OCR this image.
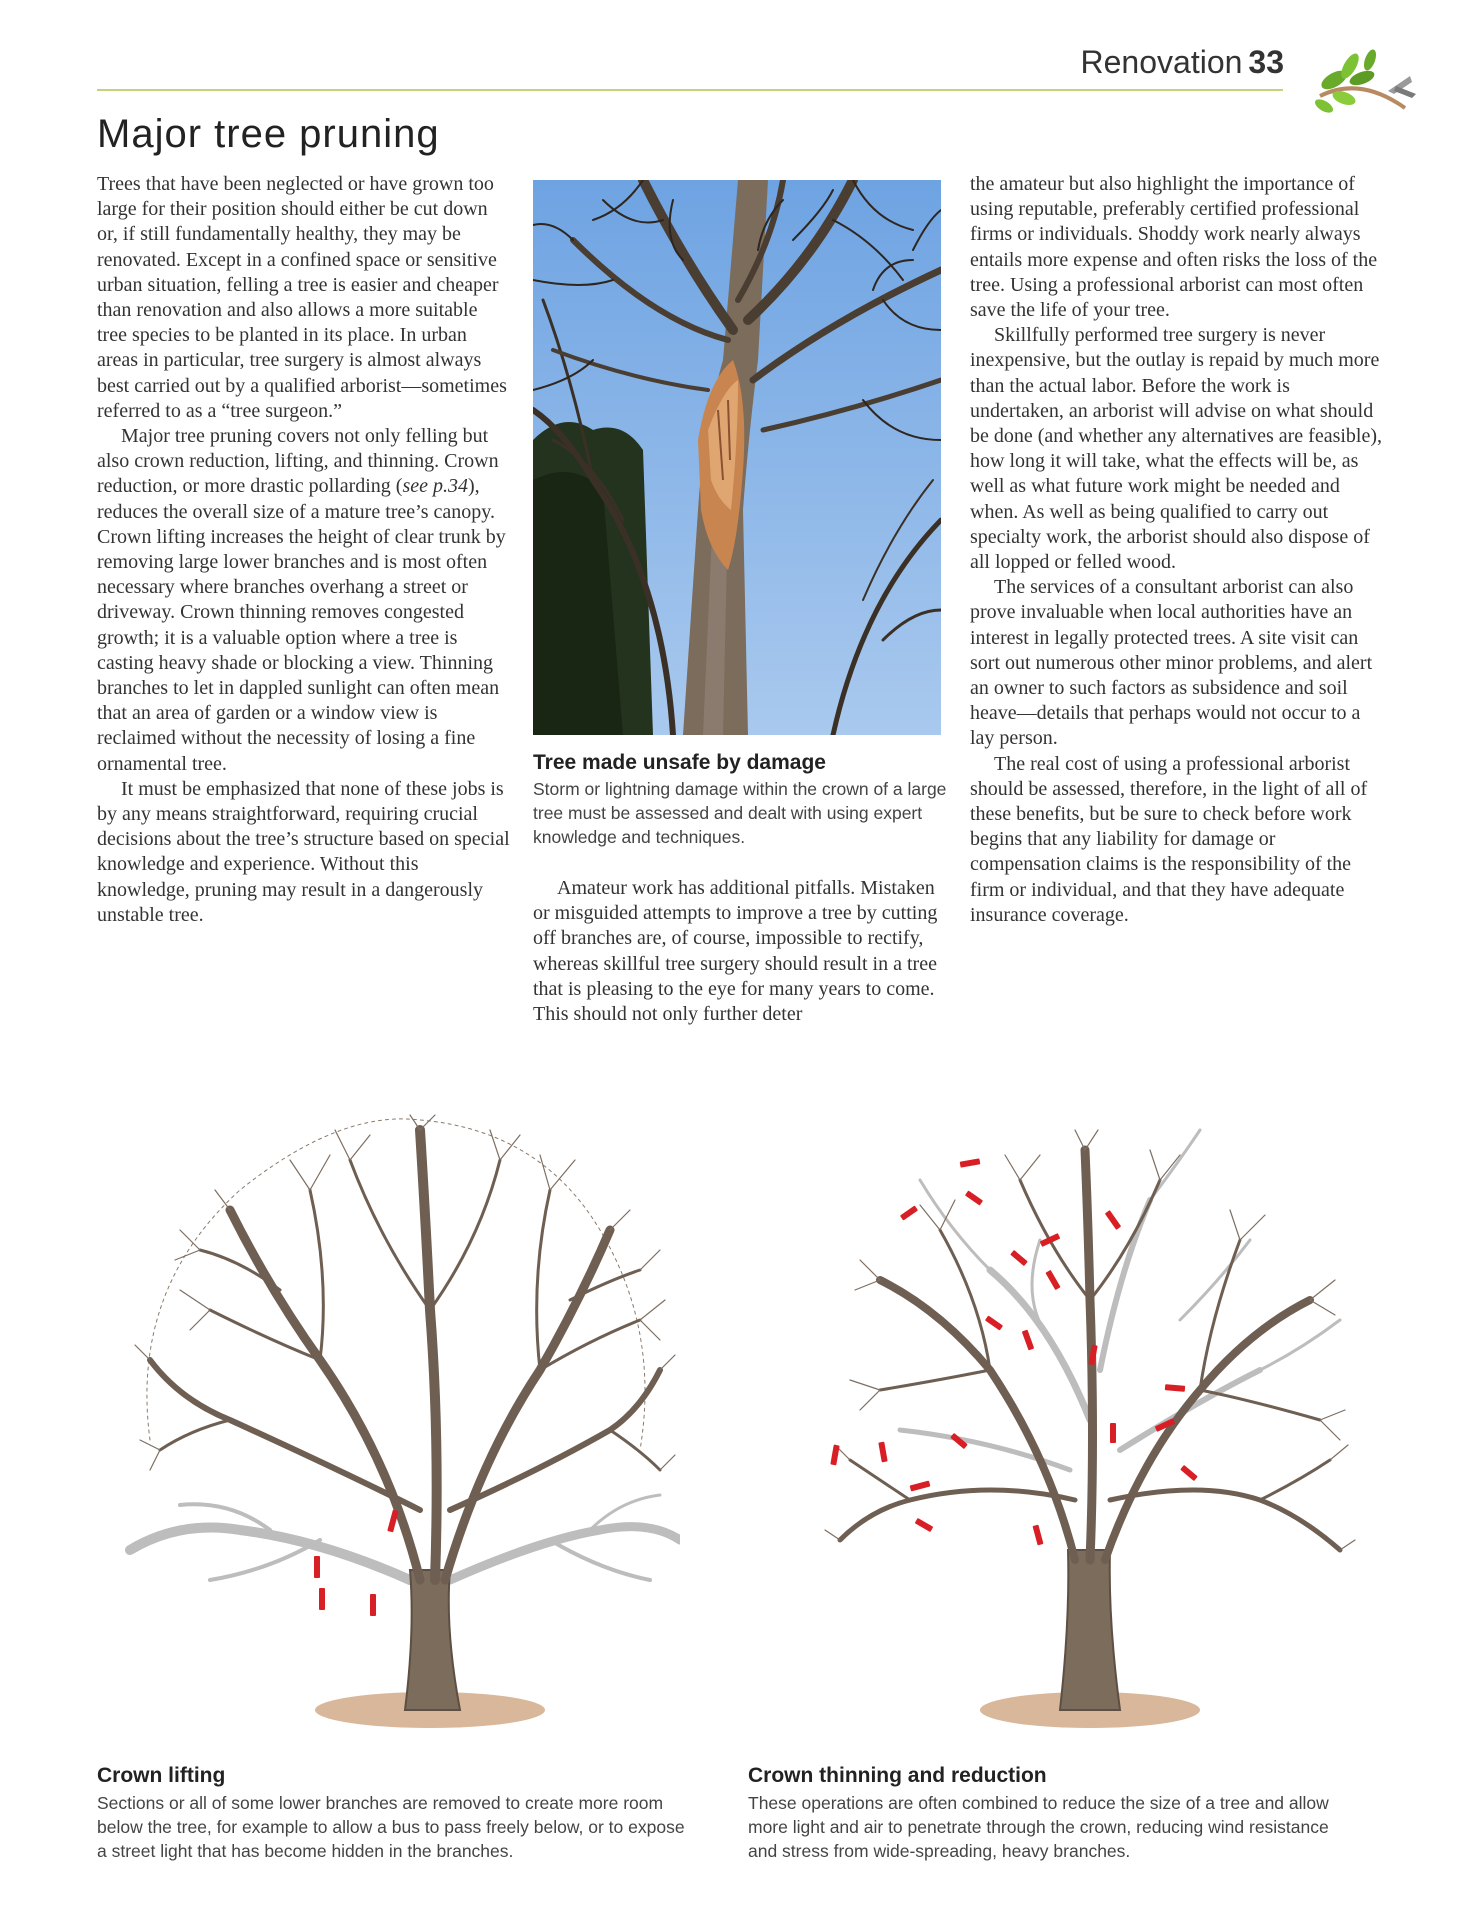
Renovation 33
Major tree pruning

Trees that have been neglected or have grown too large for their position should either be cut down or, if still fundamentally healthy, they may be renovated. Except in a confined space or sensitive urban situation, felling a tree is easier and cheaper than renovation and also allows a more suitable tree species to be planted in its place. In urban areas in particular, tree surgery is almost always best carried out by a qualified arborist—sometimes referred to as a “tree surgeon.”

Major tree pruning covers not only felling but also crown reduction, lifting, and thinning. Crown reduction, or more drastic pollarding (see p.34), reduces the overall size of a mature tree’s canopy. Crown lifting increases the height of clear trunk by removing large lower branches and is most often necessary where branches overhang a street or driveway. Crown thinning removes congested growth; it is a valuable option where a tree is casting heavy shade or blocking a view. Thinning branches to let in dappled sunlight can often mean that an area of garden or a window view is reclaimed without the necessity of losing a fine ornamental tree.

It must be emphasized that none of these jobs is by any means straightforward, requiring crucial decisions about the tree’s structure based on special knowledge and experience. Without this knowledge, pruning may result in a dangerously unstable tree.

Tree made unsafe by damage

Storm or lightning damage within the crown of a large tree must be assessed and dealt with using expert knowledge and techniques.

Amateur work has additional pitfalls. Mistaken or misguided attempts to improve a tree by cutting off branches are, of course, impossible to rectify, whereas skillful tree surgery should result in a tree that is pleasing to the eye for many years to come. This should not only further deter

the amateur but also highlight the importance of using reputable, preferably certified professional firms or individuals. Shoddy work nearly always entails more expense and often risks the loss of the tree. Using a professional arborist can most often save the life of your tree.

Skillfully performed tree surgery is never inexpensive, but the outlay is repaid by much more than the actual labor. Before the work is undertaken, an arborist will advise on what should be done (and whether any alternatives are feasible), how long it will take, what the effects will be, as well as what future work might be needed and when. As well as being qualified to carry out specialty work, the arborist should also dispose of all lopped or felled wood.

The services of a consultant arborist can also prove invaluable when local authorities have an interest in legally protected trees. A site visit can sort out numerous other minor problems, and alert an owner to such factors as subsidence and soil heave—details that perhaps would not occur to a lay person.

The real cost of using a professional arborist should be assessed, therefore, in the light of all of these benefits, but be sure to check before work begins that any liability for damage or compensation claims is the responsibility of the firm or individual, and that they have adequate insurance coverage.

Crown lifting

Sections or all of some lower branches are removed to create more room below the tree, for example to allow a bus to pass freely below, or to expose a street light that has become hidden in the branches.

Crown thinning and reduction

These operations are often combined to reduce the size of a tree and allow more light and air to penetrate through the crown, reducing wind resistance and stress from wide-spreading, heavy branches.
